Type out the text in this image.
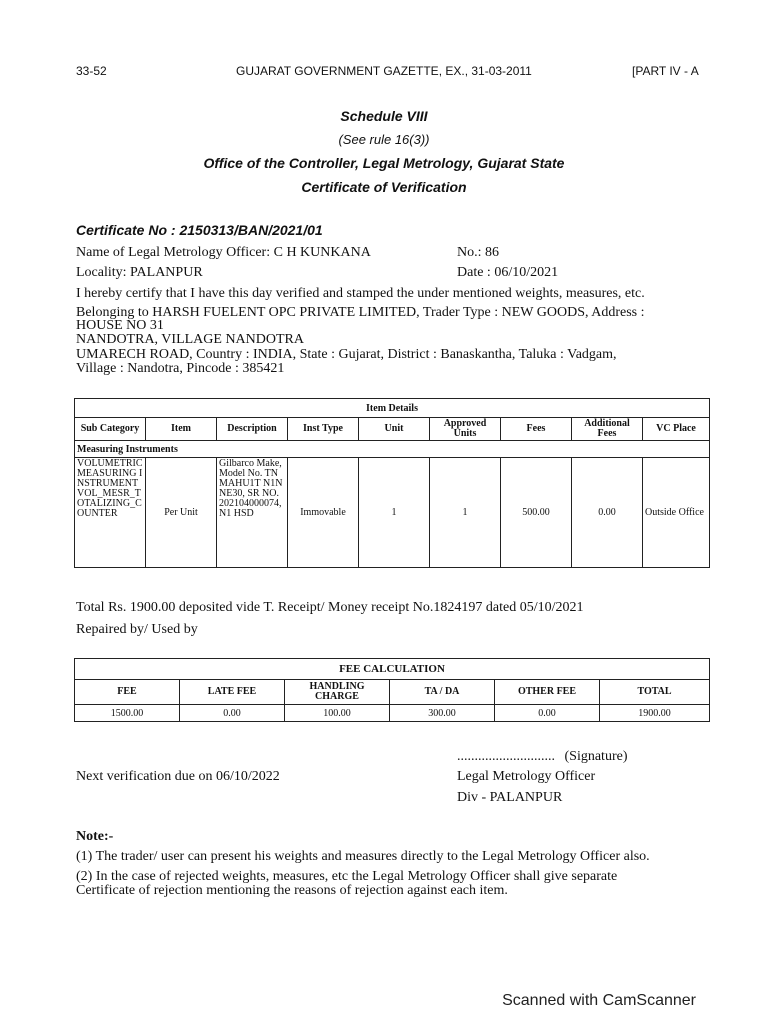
33-52	GUJARAT GOVERNMENT GAZETTE, EX., 31-03-2011	[PART IV - A
Schedule VIII
(See rule 16(3))
Office of the Controller, Legal Metrology, Gujarat State
Certificate of Verification
Certificate No : 2150313/BAN/2021/01
Name of Legal Metrology Officer: C H KUNKANA	No.: 86
Locality: PALANPUR	Date : 06/10/2021
I hereby certify that I have this day verified and stamped the under mentioned weights, measures, etc.
Belonging to HARSH FUELENT OPC PRIVATE LIMITED, Trader Type : NEW GOODS, Address :
HOUSE NO 31
NANDOTRA, VILLAGE NANDOTRA
UMARECH ROAD, Country : INDIA, State : Gujarat, District : Banaskantha, Taluka : Vadgam,
Village : Nandotra, Pincode : 385421
Item Details								
Sub Category	Item	Description	Inst Type	Unit	Approved Units	Fees	Additional Fees	VC Place
Measuring Instruments								
VOLUMETRIC MEASURING INSTRUMENT VOL_MESR_TOTALIZING_COUNTER	Per Unit	Gilbarco Make, Model No. TNMAHU1T N1NNE30, SR NO. 202104000074, N1 HSD	Immovable	1	1	500.00	0.00	Outside Office
Total Rs. 1900.00 deposited vide T. Receipt/ Money receipt No.1824197 dated 05/10/2021
Repaired by/ Used by
FEE CALCULATION					
FEE	LATE FEE	HANDLING CHARGE	TA / DA	OTHER FEE	TOTAL
1500.00	0.00	100.00	300.00	0.00	1900.00
............................ (Signature)
Next verification due on 06/10/2022	Legal Metrology Officer
Div - PALANPUR
Note:-
(1) The trader/ user can present his weights and measures directly to the Legal Metrology Officer also.
(2) In the case of rejected weights, measures, etc the Legal Metrology Officer shall give separate
Certificate of rejection mentioning the reasons of rejection against each item.
Scanned with CamScanner
